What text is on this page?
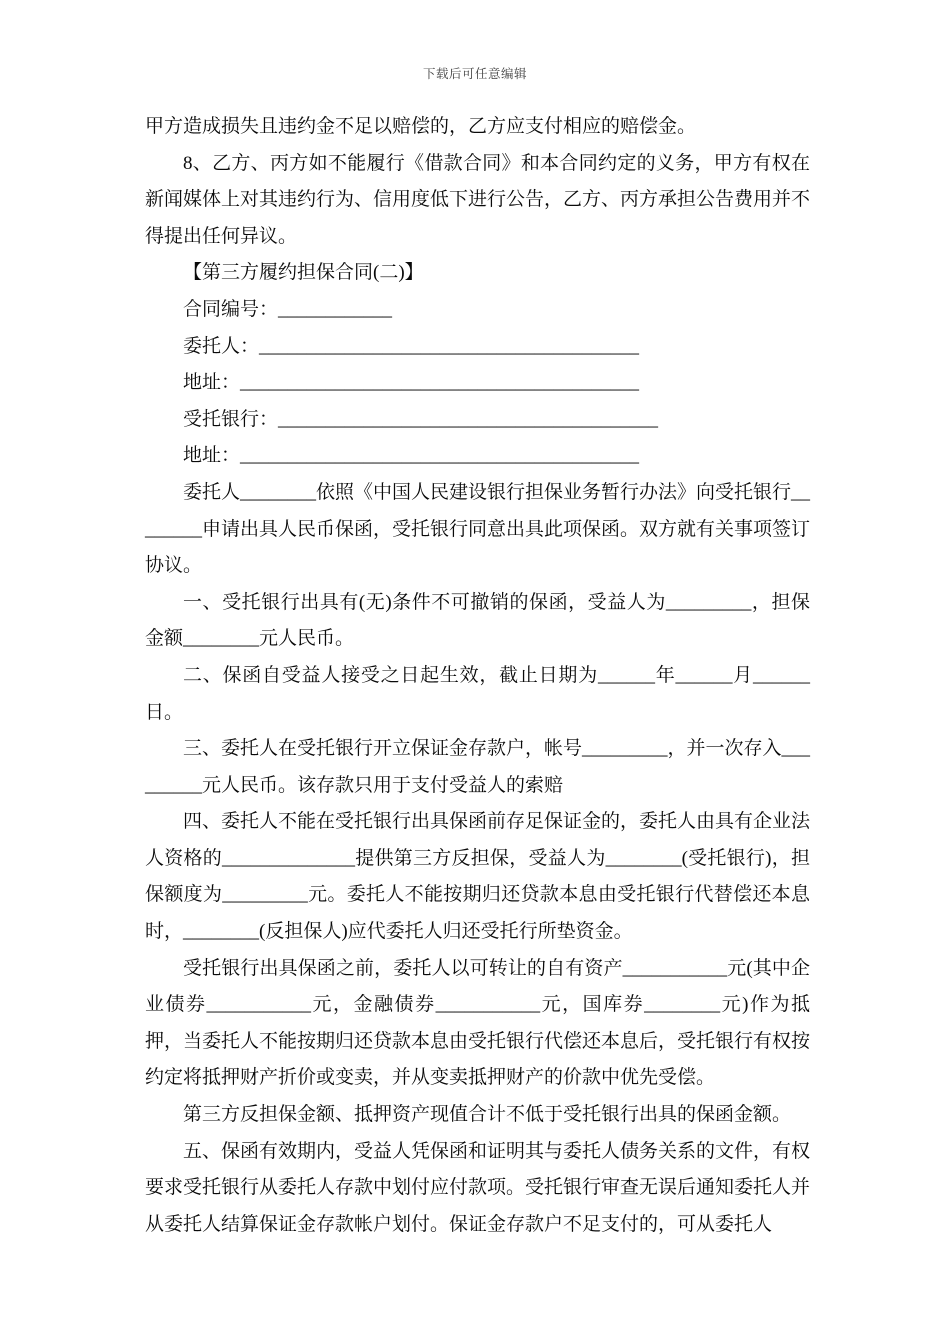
下载后可任意编辑

甲方造成损失且违约金不足以赔偿的，乙方应支付相应的赔偿金。

8、乙方、丙方如不能履行《借款合同》和本合同约定的义务，甲方有权在新闻媒体上对其违约行为、信用度低下进行公告，乙方、丙方承担公告费用并不得提出任何异议。

【第三方履约担保合同(二)】

合同编号：____________

委托人：________________________________________

地址：__________________________________________

受托银行：________________________________________

地址：__________________________________________

委托人________依照《中国人民建设银行担保业务暂行办法》向受托银行________申请出具人民币保函，受托银行同意出具此项保函。双方就有关事项签订协议。

一、受托银行出具有(无)条件不可撤销的保函，受益人为_________，担保金额________元人民币。

二、保函自受益人接受之日起生效，截止日期为______年______月______日。

三、委托人在受托银行开立保证金存款户，帐号_________，并一次存入_________元人民币。该存款只用于支付受益人的索赔

四、委托人不能在受托银行出具保函前存足保证金的，委托人由具有企业法人资格的______________提供第三方反担保，受益人为________(受托银行)，担保额度为_________元。委托人不能按期归还贷款本息由受托银行代替偿还本息时，________(反担保人)应代委托人归还受托行所垫资金。

受托银行出具保函之前，委托人以可转让的自有资产___________元(其中企业债券___________元，金融债券___________元，国库券________元)作为抵押，当委托人不能按期归还贷款本息由受托银行代偿还本息后，受托银行有权按约定将抵押财产折价或变卖，并从变卖抵押财产的价款中优先受偿。

第三方反担保金额、抵押资产现值合计不低于受托银行出具的保函金额。

五、保函有效期内，受益人凭保函和证明其与委托人债务关系的文件，有权要求受托银行从委托人存款中划付应付款项。受托银行审查无误后通知委托人并从委托人结算保证金存款帐户划付。保证金存款户不足支付的，可从委托人
